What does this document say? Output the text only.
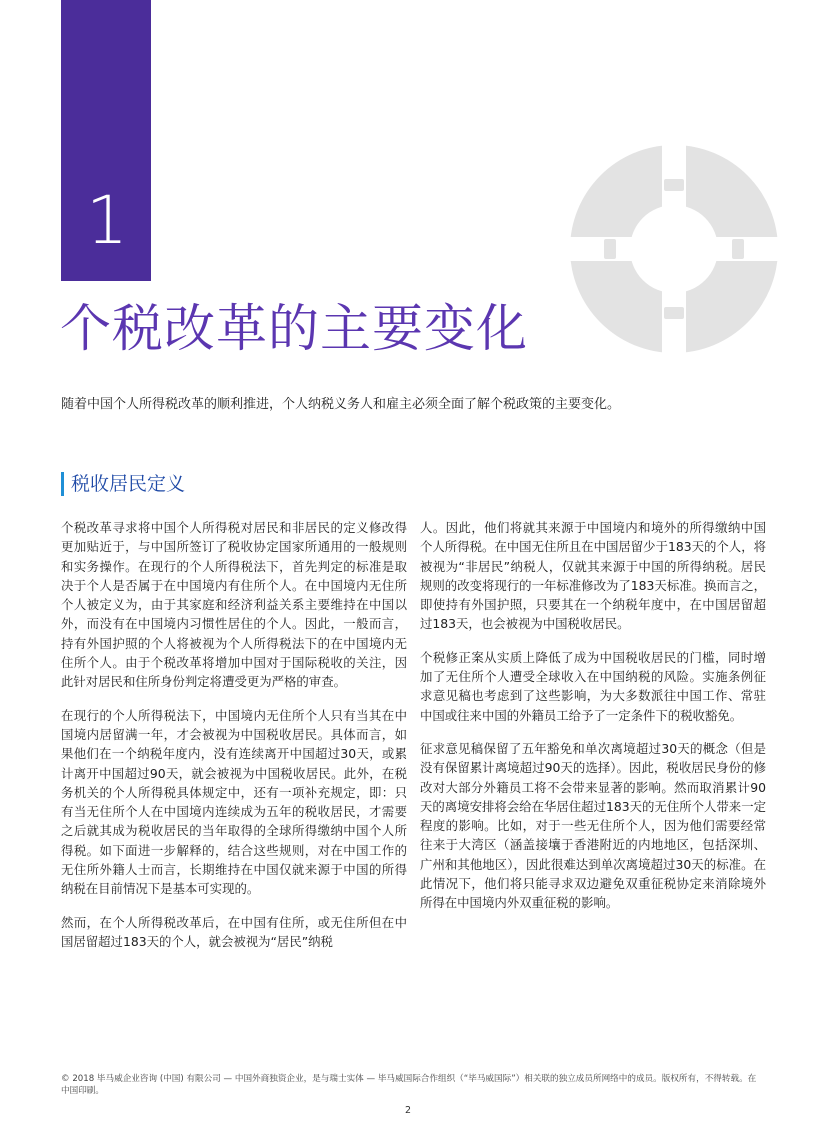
1
个税改革的主要变化

随着中国个人所得税改革的顺利推进，个人纳税义务人和雇主必须全面了解个税政策的主要变化。

税收居民定义

个税改革寻求将中国个人所得税对居民和非居民的定义修改得更加贴近于，与中国所签订了税收协定国家所通用的一般规则和实务操作。在现行的个人所得税法下，首先判定的标准是取决于个人是否属于在中国境内有住所个人。在中国境内无住所个人被定义为，由于其家庭和经济利益关系主要维持在中国以外，而没有在中国境内习惯性居住的个人。因此，一般而言，持有外国护照的个人将被视为个人所得税法下的在中国境内无住所个人。由于个税改革将增加中国对于国际税收的关注，因此针对居民和住所身份判定将遭受更为严格的审查。

在现行的个人所得税法下，中国境内无住所个人只有当其在中国境内居留满一年，才会被视为中国税收居民。具体而言，如果他们在一个纳税年度内，没有连续离开中国超过30天，或累计离开中国超过90天，就会被视为中国税收居民。此外，在税务机关的个人所得税具体规定中，还有一项补充规定，即：只有当无住所个人在中国境内连续成为五年的税收居民，才需要之后就其成为税收居民的当年取得的全球所得缴纳中国个人所得税。如下面进一步解释的，结合这些规则，对在中国工作的无住所外籍人士而言，长期维持在中国仅就来源于中国的所得纳税在目前情况下是基本可实现的。

然而，在个人所得税改革后，在中国有住所，或无住所但在中国居留超过183天的个人，就会被视为“居民”纳税

人。因此，他们将就其来源于中国境内和境外的所得缴纳中国个人所得税。在中国无住所且在中国居留少于183天的个人，将被视为“非居民”纳税人，仅就其来源于中国的所得纳税。居民规则的改变将现行的一年标准修改为了183天标准。换而言之，即使持有外国护照，只要其在一个纳税年度中，在中国居留超过183天，也会被视为中国税收居民。

个税修正案从实质上降低了成为中国税收居民的门槛，同时增加了无住所个人遭受全球收入在中国纳税的风险。实施条例征求意见稿也考虑到了这些影响，为大多数派往中国工作、常驻中国或往来中国的外籍员工给予了一定条件下的税收豁免。

征求意见稿保留了五年豁免和单次离境超过30天的概念（但是没有保留累计离境超过90天的选择）。因此，税收居民身份的修改对大部分外籍员工将不会带来显著的影响。然而取消累计90天的离境安排将会给在华居住超过183天的无住所个人带来一定程度的影响。比如，对于一些无住所个人，因为他们需要经常往来于大湾区（涵盖接壤于香港附近的内地地区，包括深圳、广州和其他地区），因此很难达到单次离境超过30天的标准。在此情况下，他们将只能寻求双边避免双重征税协定来消除境外所得在中国境内外双重征税的影响。

© 2018 毕马威企业咨询 (中国) 有限公司 — 中国外商独资企业，是与瑞士实体 — 毕马威国际合作组织（“毕马威国际”）相关联的独立成员所网络中的成员。版权所有，不得转载。在中国印刷。

2
